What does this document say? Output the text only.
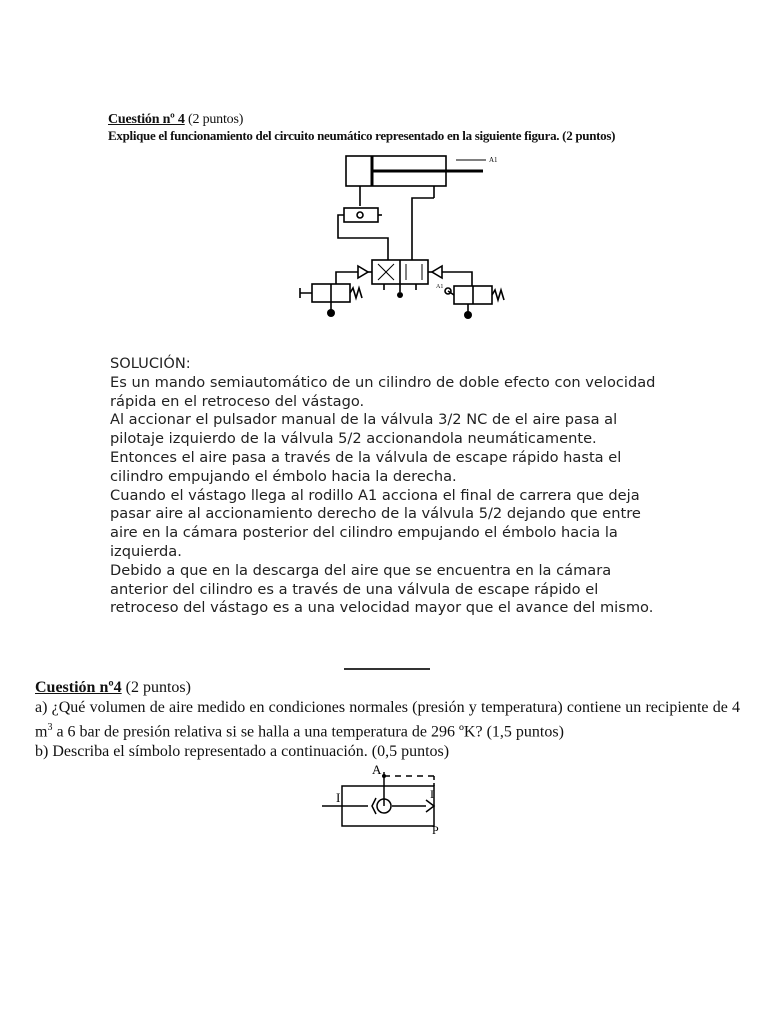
Cuestión nº 4 (2 puntos)
Explique el funcionamiento del circuito neumático representado en la siguiente figura. (2 puntos)
A1
A1

SOLUCIÓN:

Es un mando semiautomático de un cilindro de doble efecto con velocidad rápida en el retroceso del vástago.

Al accionar el pulsador manual de la válvula 3/2 NC de el aire pasa al pilotaje izquierdo de la válvula 5/2 accionandola neumáticamente.

Entonces el aire pasa a través de la válvula de escape rápido hasta el cilindro empujando el émbolo hacia la derecha.

Cuando el vástago llega al rodillo A1 acciona el final de carrera que deja pasar aire al accionamiento derecho de la válvula 5/2 dejando que entre aire en la cámara posterior del cilindro empujando el émbolo hacia la izquierda.

Debido a que en la descarga del aire que se encuentra en la cámara anterior del cilindro es a través de una válvula de escape rápido el retroceso del vástago es a una velocidad mayor que el avance del mismo.

Cuestión nº4 (2 puntos)
a) ¿Qué volumen de aire medido en condiciones normales (presión y temperatura) contiene un recipiente de 4 $m^3$ a 6 bar de presión relativa si se halla a una temperatura de 296 ºK? (1,5 puntos)
b) Describa el símbolo representado a continuación. (0,5 puntos)
A
I	I
P
